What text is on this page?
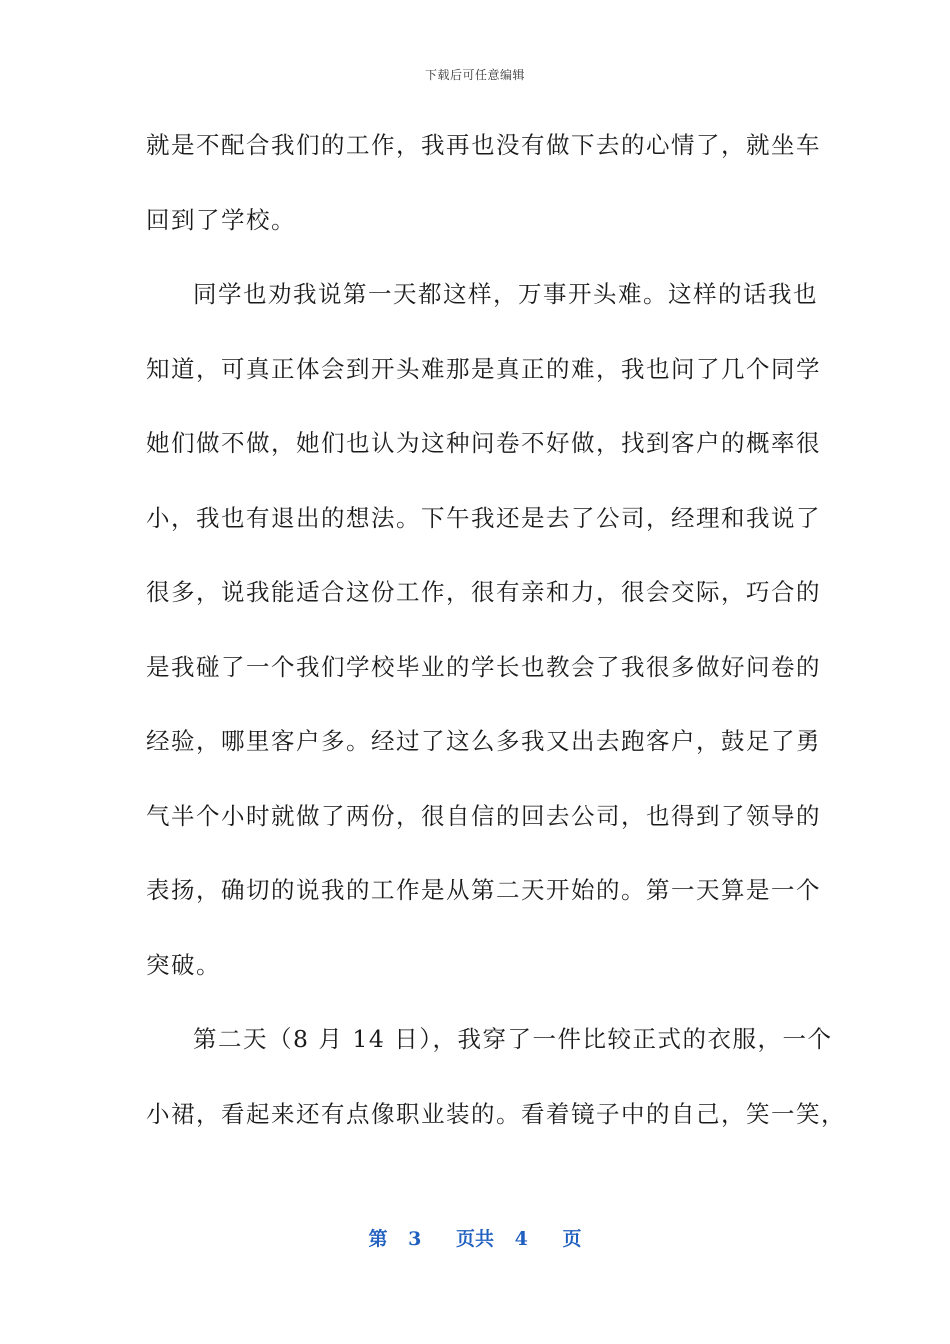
下载后可任意编辑
就是不配合我们的工作，我再也没有做下去的心情了，就坐车
回到了学校。
同学也劝我说第一天都这样，万事开头难。这样的话我也
知道，可真正体会到开头难那是真正的难，我也问了几个同学
她们做不做，她们也认为这种问卷不好做，找到客户的概率很
小，我也有退出的想法。下午我还是去了公司，经理和我说了
很多，说我能适合这份工作，很有亲和力，很会交际，巧合的
是我碰了一个我们学校毕业的学长也教会了我很多做好问卷的
经验，哪里客户多。经过了这么多我又出去跑客户，鼓足了勇
气半个小时就做了两份，很自信的回去公司，也得到了领导的
表扬，确切的说我的工作是从第二天开始的。第一天算是一个
突破。
第二天（8 月 14 日），我穿了一件比较正式的衣服，一个
小裙，看起来还有点像职业装的。看着镜子中的自己，笑一笑，
第 3 页共 4 页
